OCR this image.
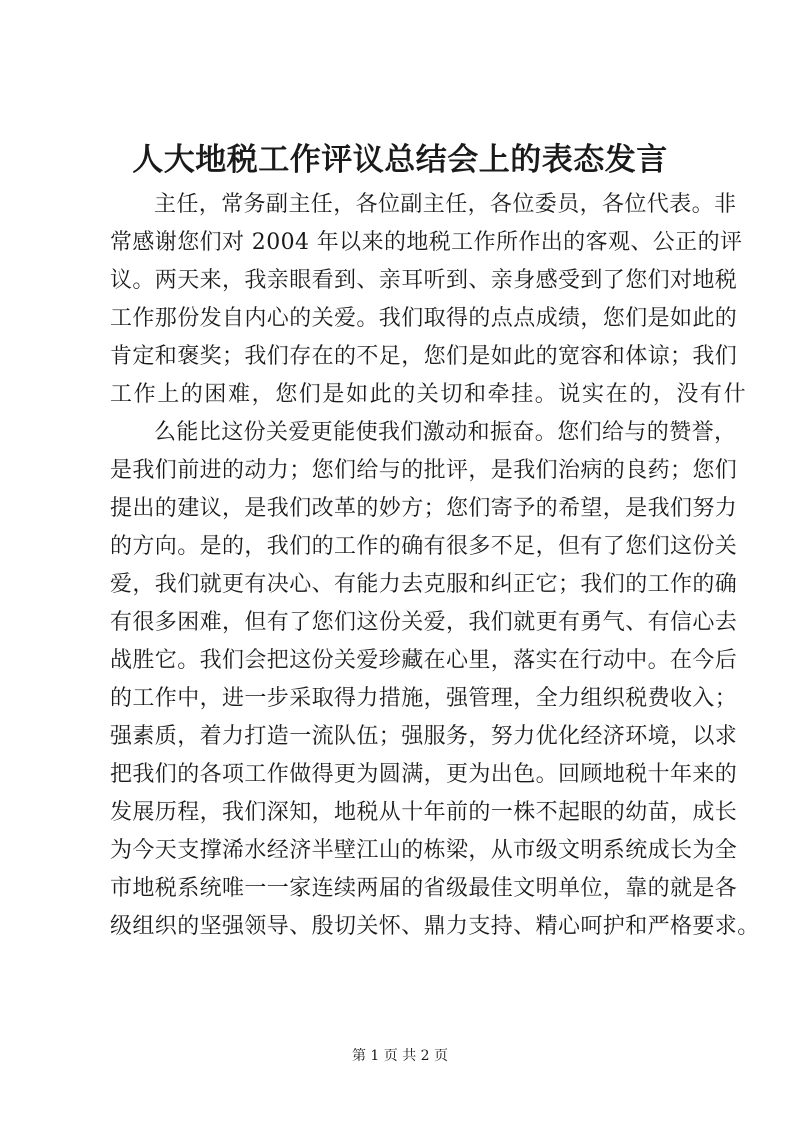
人大地税工作评议总结会上的表态发言
主任，常务副主任，各位副主任，各位委员，各位代表。非
常感谢您们对 2004 年以来的地税工作所作出的客观、公正的评
议。两天来，我亲眼看到、亲耳听到、亲身感受到了您们对地税
工作那份发自内心的关爱。我们取得的点点成绩，您们是如此的
肯定和褒奖；我们存在的不足，您们是如此的宽容和体谅；我们
工作上的困难，您们是如此的关切和牵挂。说实在的，没有什
么能比这份关爱更能使我们激动和振奋。您们给与的赞誉，
是我们前进的动力；您们给与的批评，是我们治病的良药；您们
提出的建议，是我们改革的妙方；您们寄予的希望，是我们努力
的方向。是的，我们的工作的确有很多不足，但有了您们这份关
爱，我们就更有决心、有能力去克服和纠正它；我们的工作的确
有很多困难，但有了您们这份关爱，我们就更有勇气、有信心去
战胜它。我们会把这份关爱珍藏在心里，落实在行动中。在今后
的工作中，进一步采取得力措施，强管理，全力组织税费收入；
强素质，着力打造一流队伍；强服务，努力优化经济环境，以求
把我们的各项工作做得更为圆满，更为出色。回顾地税十年来的
发展历程，我们深知，地税从十年前的一株不起眼的幼苗，成长
为今天支撑浠水经济半壁江山的栋梁，从市级文明系统成长为全
市地税系统唯一一家连续两届的省级最佳文明单位，靠的就是各
级组织的坚强领导、殷切关怀、鼎力支持、精心呵护和严格要求。
第 1 页 共 2 页
